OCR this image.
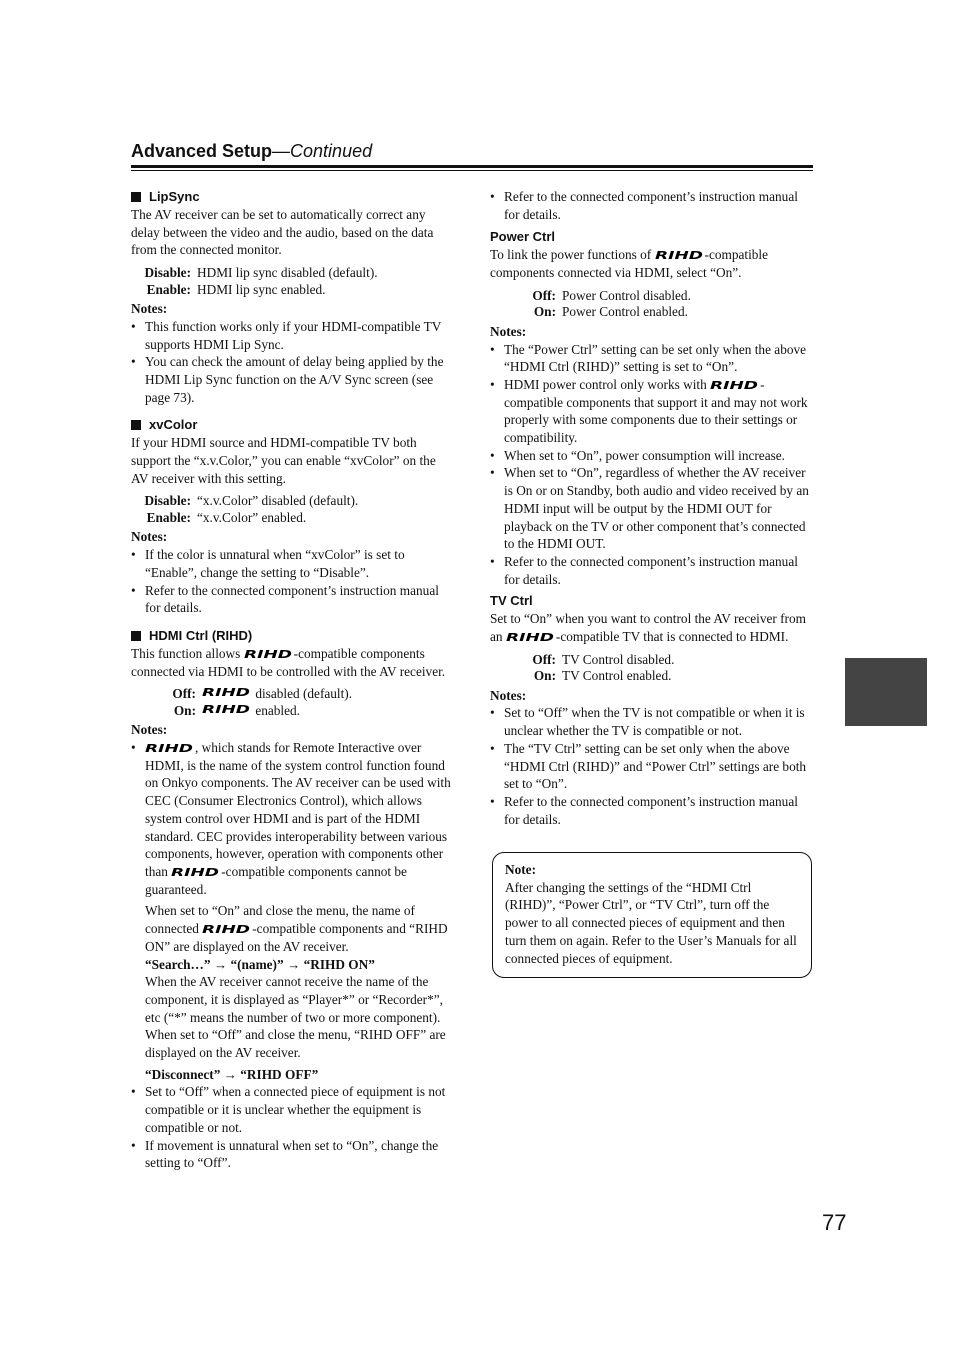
Advanced Setup—Continued
LipSync

The AV receiver can be set to automatically correct any delay between the video and the audio, based on the data from the connected monitor.

Disable: HDMI lip sync disabled (default).
Enable: HDMI lip sync enabled.
Notes:
• This function works only if your HDMI-compatible TV supports HDMI Lip Sync.
• You can check the amount of delay being applied by the HDMI Lip Sync function on the A/V Sync screen (see page 73).
xvColor

If your HDMI source and HDMI-compatible TV both support the “x.v.Color,” you can enable “xvColor” on the AV receiver with this setting.

Disable: “x.v.Color” disabled (default).
Enable: “x.v.Color” enabled.
Notes:
• If the color is unnatural when “xvColor” is set to “Enable”, change the setting to “Disable”.
• Refer to the connected component’s instruction manual for details.
HDMI Ctrl (RIHD)

This function allows RIHD -compatible components connected via HDMI to be controlled with the AV receiver.

Off: RIHD
disabled (default).
On: RIHD
enabled.
Notes:
• RIHD , which stands for Remote Interactive over HDMI, is the name of the system control function found on Onkyo components. The AV receiver can be used with CEC (Consumer Electronics Control), which allows system control over HDMI and is part of the HDMI standard. CEC provides interoperability between various components, however, operation with components other than RIHD -compatible components cannot be guaranteed.

When set to “On” and close the menu, the name of connected RIHD -compatible components and “RIHD ON” are displayed on the AV receiver.

“Search…” → “(name)” → “RIHD ON”

When the AV receiver cannot receive the name of the component, it is displayed as “Player*” or “Recorder*”, etc (“*” means the number of two or more component).

When set to “Off” and close the menu, “RIHD OFF” are displayed on the AV receiver.

“Disconnect” → “RIHD OFF”

• Set to “Off” when a connected piece of equipment is not compatible or it is unclear whether the equipment is compatible or not.
• If movement is unnatural when set to “On”, change the setting to “Off”.
• Refer to the connected component’s instruction manual for details.
Power Ctrl

To link the power functions of RIHD -compatible components connected via HDMI, select “On”.

Off: Power Control disabled.
On: Power Control enabled.
Notes:
• The “Power Ctrl” setting can be set only when the above “HDMI Ctrl (RIHD)” setting is set to “On”.
• HDMI power control only works with RIHD -compatible components that support it and may not work properly with some components due to their settings or compatibility.
• When set to “On”, power consumption will increase.
• When set to “On”, regardless of whether the AV receiver is On or on Standby, both audio and video received by an HDMI input will be output by the HDMI OUT for playback on the TV or other component that’s connected to the HDMI OUT.
• Refer to the connected component’s instruction manual for details.
TV Ctrl

Set to “On” when you want to control the AV receiver from an RIHD -compatible TV that is connected to HDMI.

Off: TV Control disabled.
On: TV Control enabled.
Notes:
• Set to “Off” when the TV is not compatible or when it is unclear whether the TV is compatible or not.
• The “TV Ctrl” setting can be set only when the above “HDMI Ctrl (RIHD)” and “Power Ctrl” settings are both set to “On”.
• Refer to the connected component’s instruction manual for details.
Note:

After changing the settings of the “HDMI Ctrl (RIHD)”, “Power Ctrl”, or “TV Ctrl”, turn off the power to all connected pieces of equipment and then turn them on again. Refer to the User’s Manuals for all connected pieces of equipment.

77
